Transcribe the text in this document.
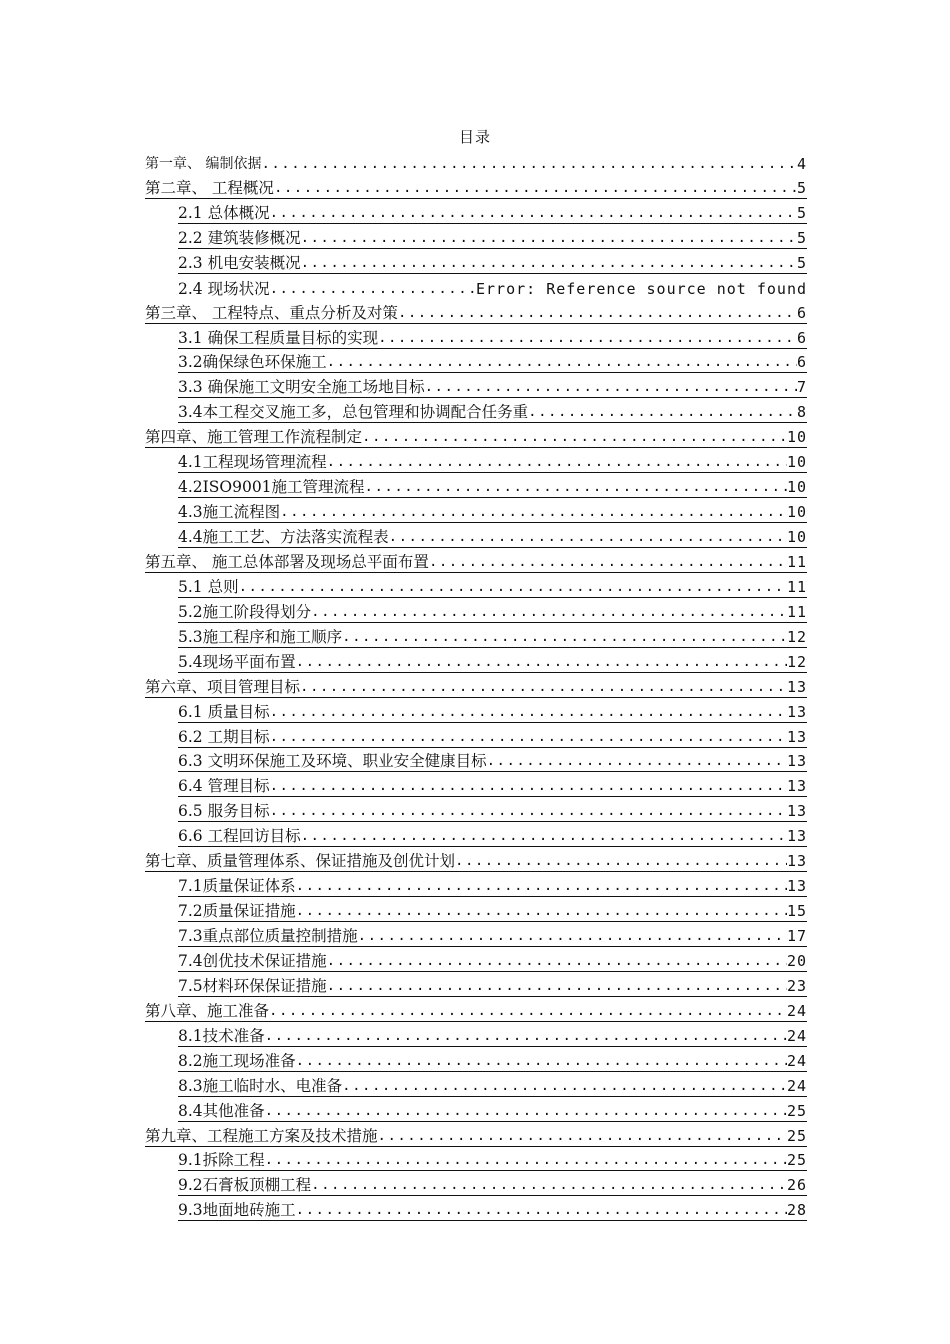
目录
第一章、 编制依据 .....	4
第二章、 工程概况 .....	5
2.1 总体概况 .....	5
2.2 建筑装修概况 .....	5
2.3 机电安装概况 .....	5
2.4 现场状况 .....	Error: Reference source not found
第三章、 工程特点、重点分析及对策 .....	6
3.1 确保工程质量目标的实现 .....	6
3.2确保绿色环保施工 .....	6
3.3 确保施工文明安全施工场地目标 .....	7
3.4本工程交叉施工多，总包管理和协调配合任务重 .....	8
第四章、施工管理工作流程制定 .....	10
4.1工程现场管理流程 .....	10
4.2ISO9001施工管理流程 .....	10
4.3施工流程图 .....	10
4.4施工工艺、方法落实流程表 .....	10
第五章、 施工总体部署及现场总平面布置 .....	11
5.1 总则 .....	11
5.2施工阶段得划分 .....	11
5.3施工程序和施工顺序 .....	12
5.4现场平面布置 .....	12
第六章、项目管理目标 .....	13
6.1 质量目标 .....	13
6.2 工期目标 .....	13
6.3 文明环保施工及环境、职业安全健康目标 .....	13
6.4 管理目标 .....	13
6.5 服务目标 .....	13
6.6 工程回访目标 .....	13
第七章、质量管理体系、保证措施及创优计划 .....	13
7.1质量保证体系 .....	13
7.2质量保证措施 .....	15
7.3重点部位质量控制措施 .....	17
7.4创优技术保证措施 .....	20
7.5材料环保保证措施 .....	23
第八章、施工准备 .....	24
8.1技术准备 .....	24
8.2施工现场准备 .....	24
8.3施工临时水、电准备 .....	24
8.4其他准备 .....	25
第九章、工程施工方案及技术措施 .....	25
9.1拆除工程 .....	25
9.2石膏板顶棚工程 .....	26
9.3地面地砖施工 .....	28
